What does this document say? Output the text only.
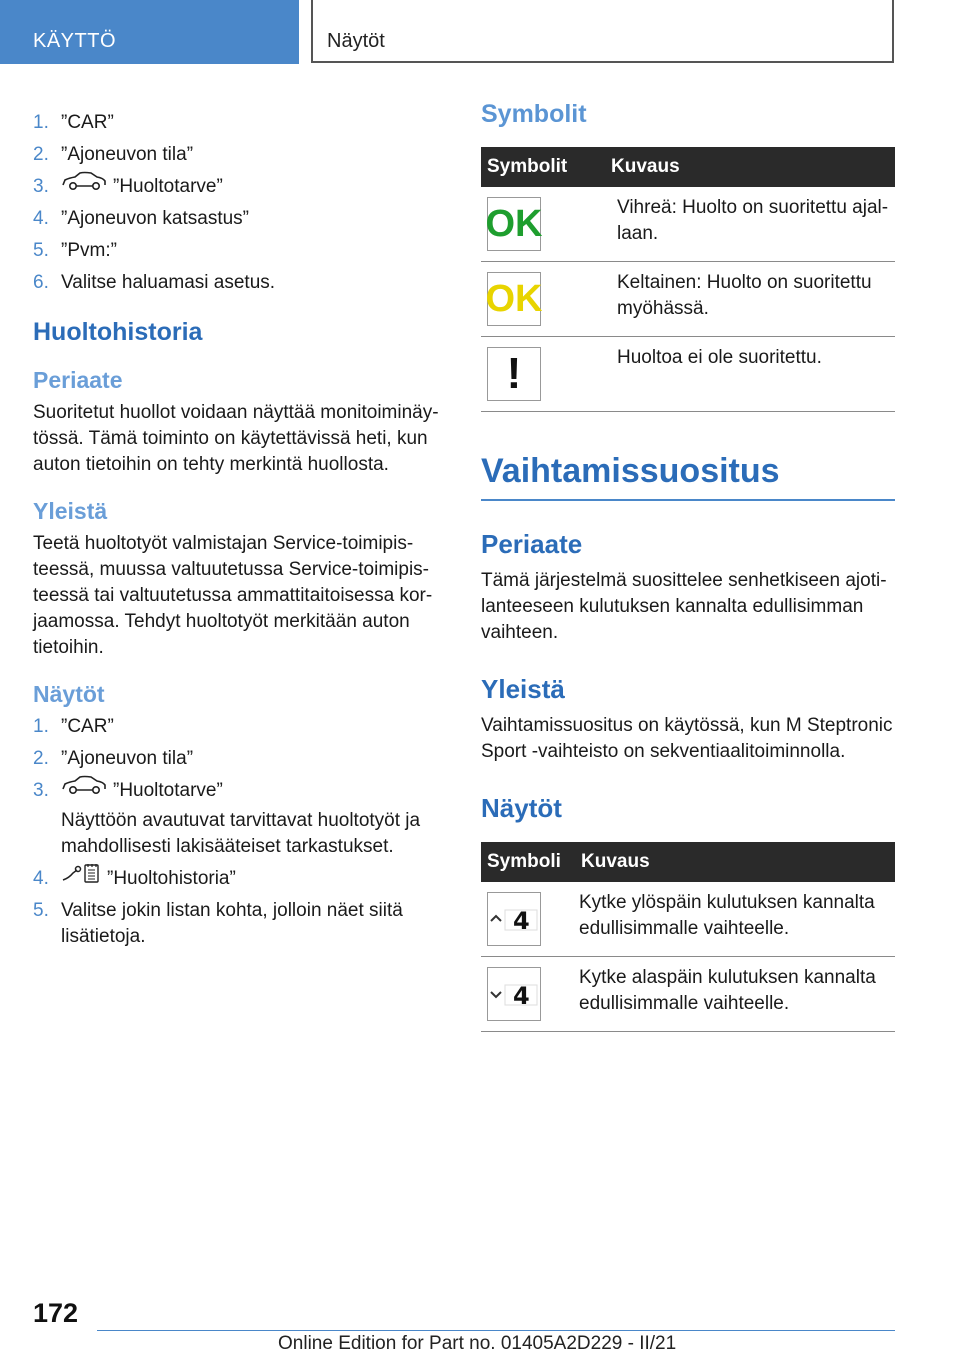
KÄYTTÖ	Näytöt
1. ”CAR”
2. ”Ajoneuvon tila”
3.	”Huoltotarve”
4. ”Ajoneuvon katsastus”
5. ”Pvm:”
6. Valitse haluamasi asetus.
Huoltohistoria
Periaate

Suoritetut huollot voidaan näyttää monitoiminäytössä. Tämä toiminto on käytettävissä heti, kun auton tietoihin on tehty merkintä huollosta.

Yleistä

Teetä huoltotyöt valmistajan Service-toimipisteessä, muussa valtuutetussa Service-toimipisteessä tai valtuutetussa ammattitaitoisessa korjaamossa. Tehdyt huoltotyöt merkitään auton tietoihin.

Näytöt
1. ”CAR”
2. ”Ajoneuvon tila”
3.	”Huoltotarve”
Näyttöön avautuvat tarvittavat huoltotyöt ja mahdollisesti lakisääteiset tarkastukset.
4.	”Huoltohistoria”
5. Valitse jokin listan kohta, jolloin näet siitä lisätietoja.
Symbolit
Symbolit	Kuvaus

OK	Vihreä: Huolto on suoritettu ajallaan.

OK	Keltainen: Huolto on suoritettu myöhässä.

!	Huoltoa ei ole suoritettu.
Vaihtamissuositus
Periaate

Tämä järjestelmä suosittelee senhetkiseen ajotilanteeseen kulutuksen kannalta edullisimman vaihteen.

Yleistä

Vaihtamissuositus on käytössä, kun M Steptronic Sport -vaihteisto on sekventiaalitoiminnolla.

Näytöt
Symboli	Kuvaus

4	Kytke ylöspäin kulutuksen kannalta edullisimmalle vaihteelle.

4	Kytke alaspäin kulutuksen kannalta edullisimmalle vaihteelle.
172
Online Edition for Part no. 01405A2D229 - II/21
